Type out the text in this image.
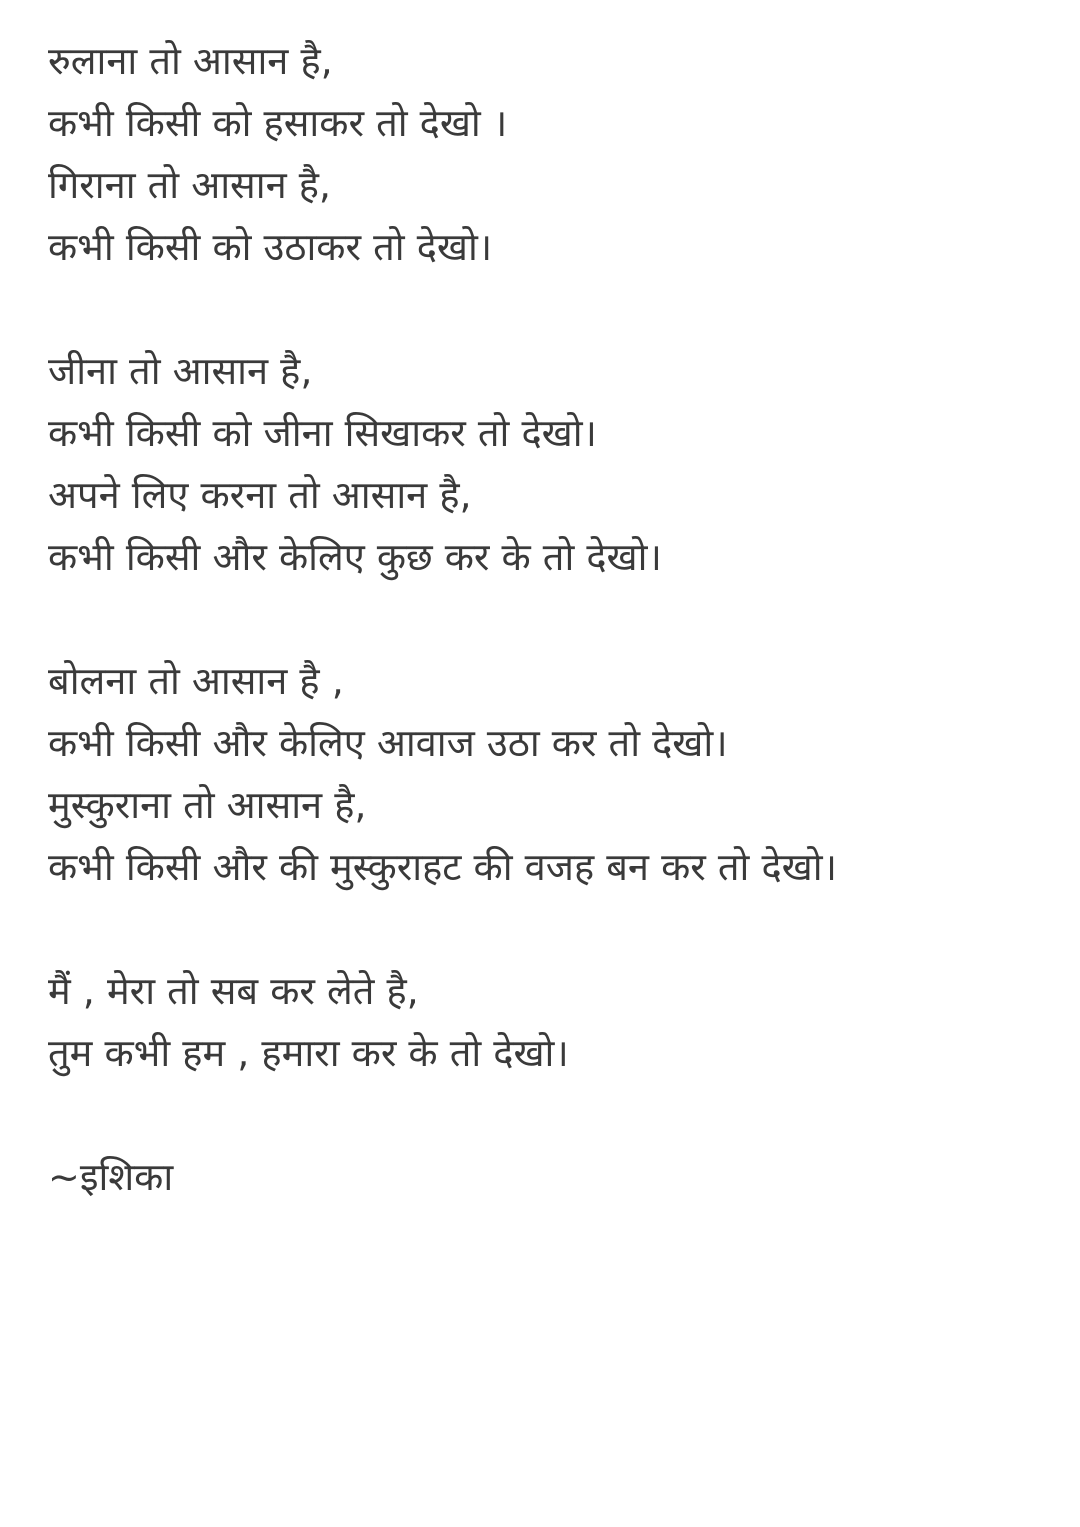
रुलाना तो आसान है,
कभी किसी को हसाकर तो देखो ।
गिराना तो आसान है,
कभी किसी को उठाकर तो देखो।
जीना तो आसान है,
कभी किसी को जीना सिखाकर तो देखो।
अपने लिए करना तो आसान है,
कभी किसी और केलिए कुछ कर के तो देखो।
बोलना तो आसान है ,
कभी किसी और केलिए आवाज उठा कर तो देखो।
मुस्कुराना तो आसान है,
कभी किसी और की मुस्कुराहट की वजह बन कर तो देखो।
मैं , मेरा तो सब कर लेते है,
तुम कभी हम , हमारा कर के तो देखो।
~इशिका
